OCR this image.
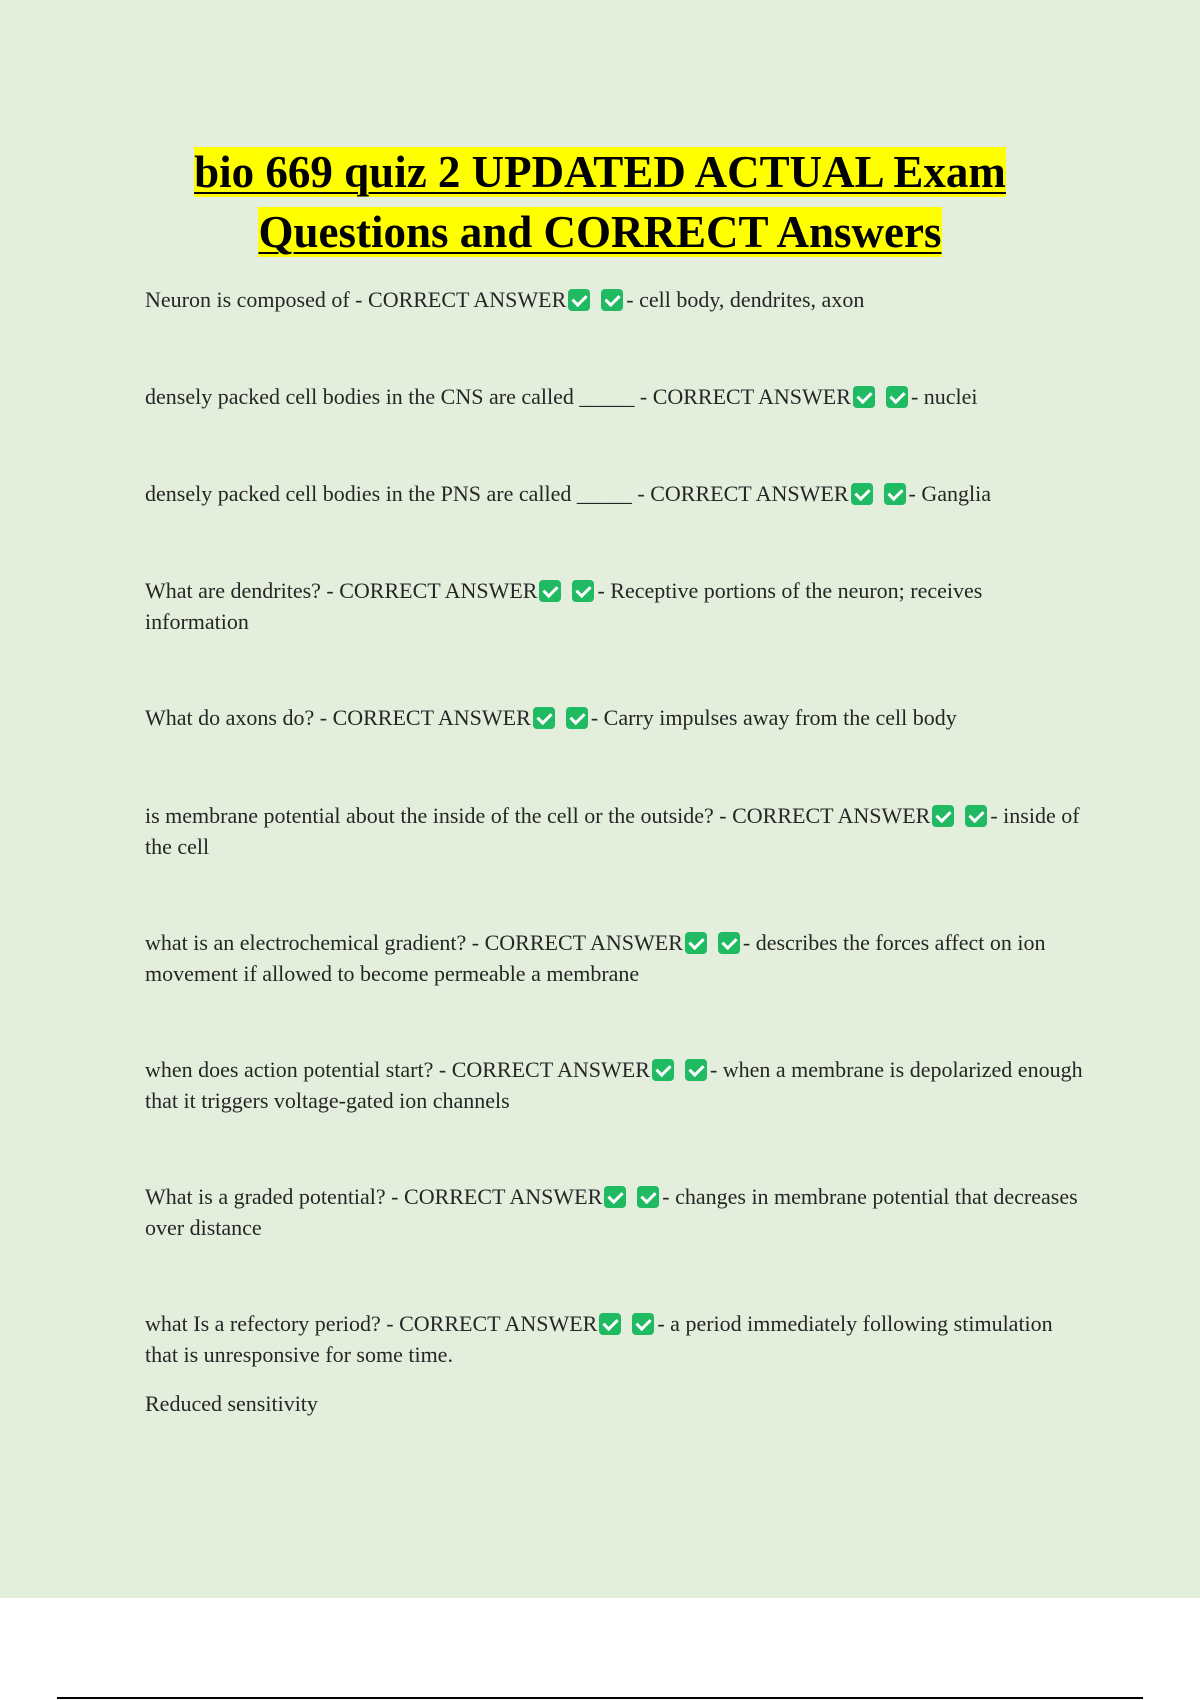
bio 669 quiz 2 UPDATED ACTUAL Exam
Questions and CORRECT Answers
Neuron is composed of - CORRECT ANSWER	- cell body, dendrites, axon
densely packed cell bodies in the CNS are called _____ - CORRECT ANSWER	- nuclei
densely packed cell bodies in the PNS are called _____ - CORRECT ANSWER	- Ganglia
What are dendrites? - CORRECT ANSWER	- Receptive portions of the neuron; receives information
What do axons do? - CORRECT ANSWER	- Carry impulses away from the cell body
is membrane potential about the inside of the cell or the outside? - CORRECT ANSWER	- inside of the cell
what is an electrochemical gradient? - CORRECT ANSWER	- describes the forces affect on ion movement if allowed to become permeable a membrane
when does action potential start? - CORRECT ANSWER	- when a membrane is depolarized enough that it triggers voltage-gated ion channels
What is a graded potential? - CORRECT ANSWER	- changes in membrane potential that decreases over distance
what Is a refectory period? - CORRECT ANSWER	- a period immediately following stimulation that is unresponsive for some time.
Reduced sensitivity
